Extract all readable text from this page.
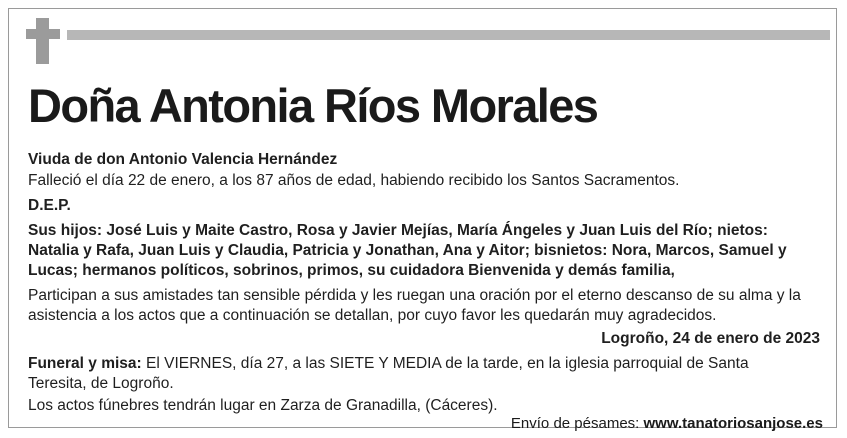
Doña Antonia Ríos Morales
Viuda de don Antonio Valencia Hernández
Falleció el día 22 de enero, a los 87 años de edad, habiendo recibido los Santos Sacramentos.
D.E.P.
Sus hijos: José Luis y Maite Castro, Rosa y Javier Mejías, María Ángeles y Juan Luis del Río; nietos: Natalia y Rafa, Juan Luis y Claudia, Patricia y Jonathan, Ana y Aitor; bisnietos: Nora, Marcos, Samuel y Lucas; hermanos políticos, sobrinos, primos, su cuidadora Bienvenida y demás familia,
Participan a sus amistades tan sensible pérdida y les ruegan una oración por el eterno descanso de su alma y la asistencia a los actos que a continuación se detallan, por cuyo favor les quedarán muy agradecidos.
Logroño, 24 de enero de 2023
Funeral y misa: El VIERNES, día 27, a las SIETE Y MEDIA de la tarde, en la iglesia parroquial de Santa Teresita, de Logroño.
Los actos fúnebres tendrán lugar en Zarza de Granadilla, (Cáceres).
Envío de pésames: www.tanatoriosanjose.es
